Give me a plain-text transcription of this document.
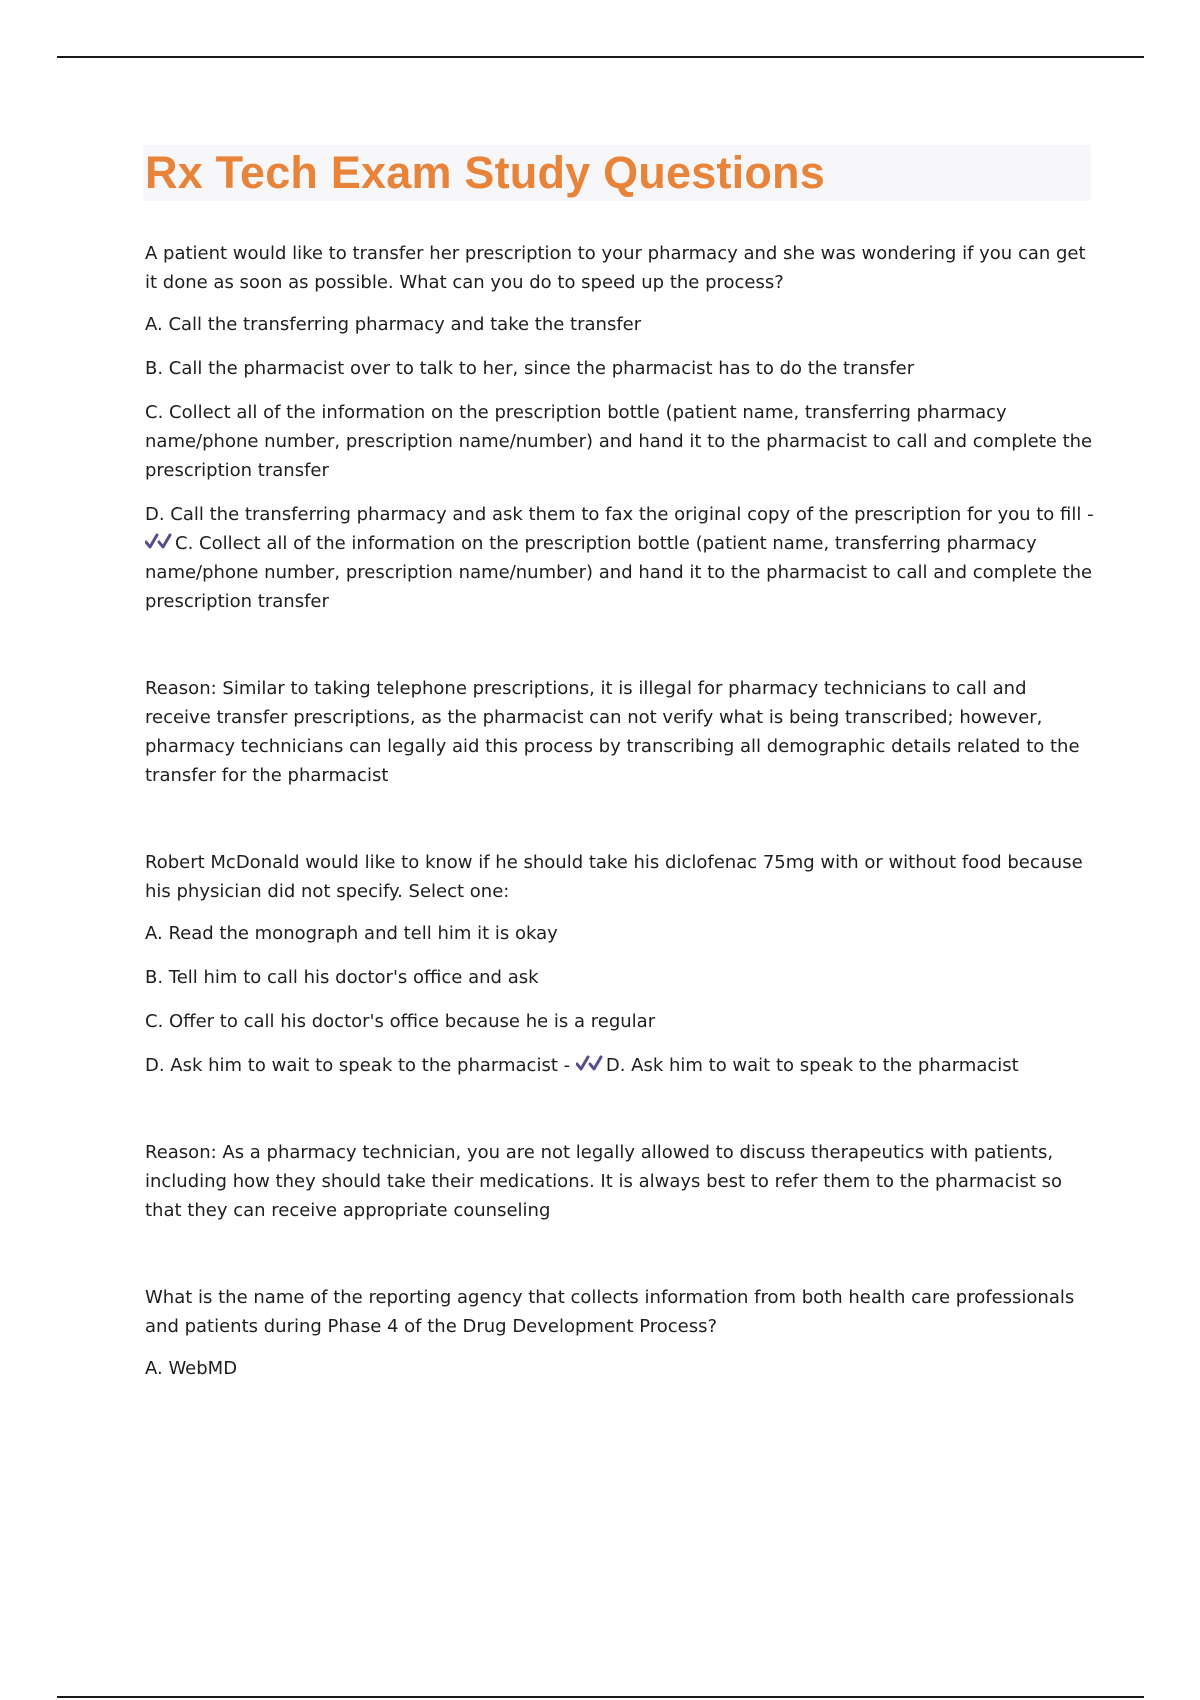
Rx Tech Exam Study Questions

A patient would like to transfer her prescription to your pharmacy and she was wondering if you can get it done as soon as possible. What can you do to speed up the process?

A. Call the transferring pharmacy and take the transfer

B. Call the pharmacist over to talk to her, since the pharmacist has to do the transfer

C. Collect all of the information on the prescription bottle (patient name, transferring pharmacy name/phone number, prescription name/number) and hand it to the pharmacist to call and complete the prescription transfer

D. Call the transferring pharmacy and ask them to fax the original copy of the prescription for you to fill -

C. Collect all of the information on the prescription bottle (patient name, transferring pharmacy name/phone number, prescription name/number) and hand it to the pharmacist to call and complete the prescription transfer

Reason: Similar to taking telephone prescriptions, it is illegal for pharmacy technicians to call and receive transfer prescriptions, as the pharmacist can not verify what is being transcribed; however, pharmacy technicians can legally aid this process by transcribing all demographic details related to the transfer for the pharmacist

Robert McDonald would like to know if he should take his diclofenac 75mg with or without food because his physician did not specify. Select one:

A. Read the monograph and tell him it is okay

B. Tell him to call his doctor's office and ask

C. Offer to call his doctor's office because he is a regular

D. Ask him to wait to speak to the pharmacist - D. Ask him to wait to speak to the pharmacist

Reason: As a pharmacy technician, you are not legally allowed to discuss therapeutics with patients, including how they should take their medications. It is always best to refer them to the pharmacist so that they can receive appropriate counseling

What is the name of the reporting agency that collects information from both health care professionals and patients during Phase 4 of the Drug Development Process?

A. WebMD
